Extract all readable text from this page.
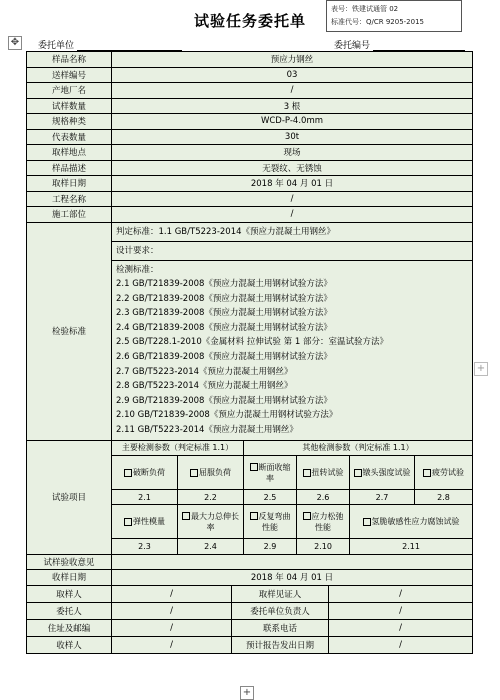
试验任务委托单
表号：铁建试通管 02
标准代号：Q/CR 9205-2015
✥	委托单位	委托编号
样品名称	预应力钢丝
送样编号	03
产地厂名	/
试样数量	3 根
规格种类	WCD-P-4.0mm
代表数量	30t
取样地点	现场
样品描述	无裂纹、无锈蚀
取样日期	2018 年 04 月 01 日
工程名称	/
施工部位	/
检验标准	
判定标准：1.1 GB/T5223-2014《预应力混凝土用钢丝》
设计要求：
检测标准：
2.1 GB/T21839-2008《预应力混凝土用钢材试验方法》
2.2 GB/T21839-2008《预应力混凝土用钢材试验方法》
2.3 GB/T21839-2008《预应力混凝土用钢材试验方法》
2.4 GB/T21839-2008《预应力混凝土用钢材试验方法》
2.5 GB/T228.1-2010《金属材料 拉伸试验 第 1 部分：室温试验方法》
2.6 GB/T21839-2008《预应力混凝土用钢材试验方法》
2.7 GB/T5223-2014《预应力混凝土用钢丝》
2.8 GB/T5223-2014《预应力混凝土用钢丝》
2.9 GB/T21839-2008《预应力混凝土用钢材试验方法》
2.10 GB/T21839-2008《预应力混凝土用钢材试验方法》
2.11 GB/T5223-2014《预应力混凝土用钢丝》

试验项目	
主要检测参数（判定标准 1.1）	其他检测参数（判定标准 1.1）
破断负荷	屈服负荷	断面收缩率	扭转试验	镦头强度试验	疲劳试验
2.1	2.2	2.5	2.6	2.7	2.8
弹性模量	最大力总伸长率	反复弯曲性能	应力松弛性能	氢脆敏感性应力腐蚀试验
2.3	2.4	2.9	2.10	2.11

试样验收意见	
收样日期	2018 年 04 月 01 日
取样人	/	取样见证人	/
委托人	/	委托单位负责人	/
住址及邮编	/	联系电话	/
收样人	/	预计报告发出日期	/
+
+
